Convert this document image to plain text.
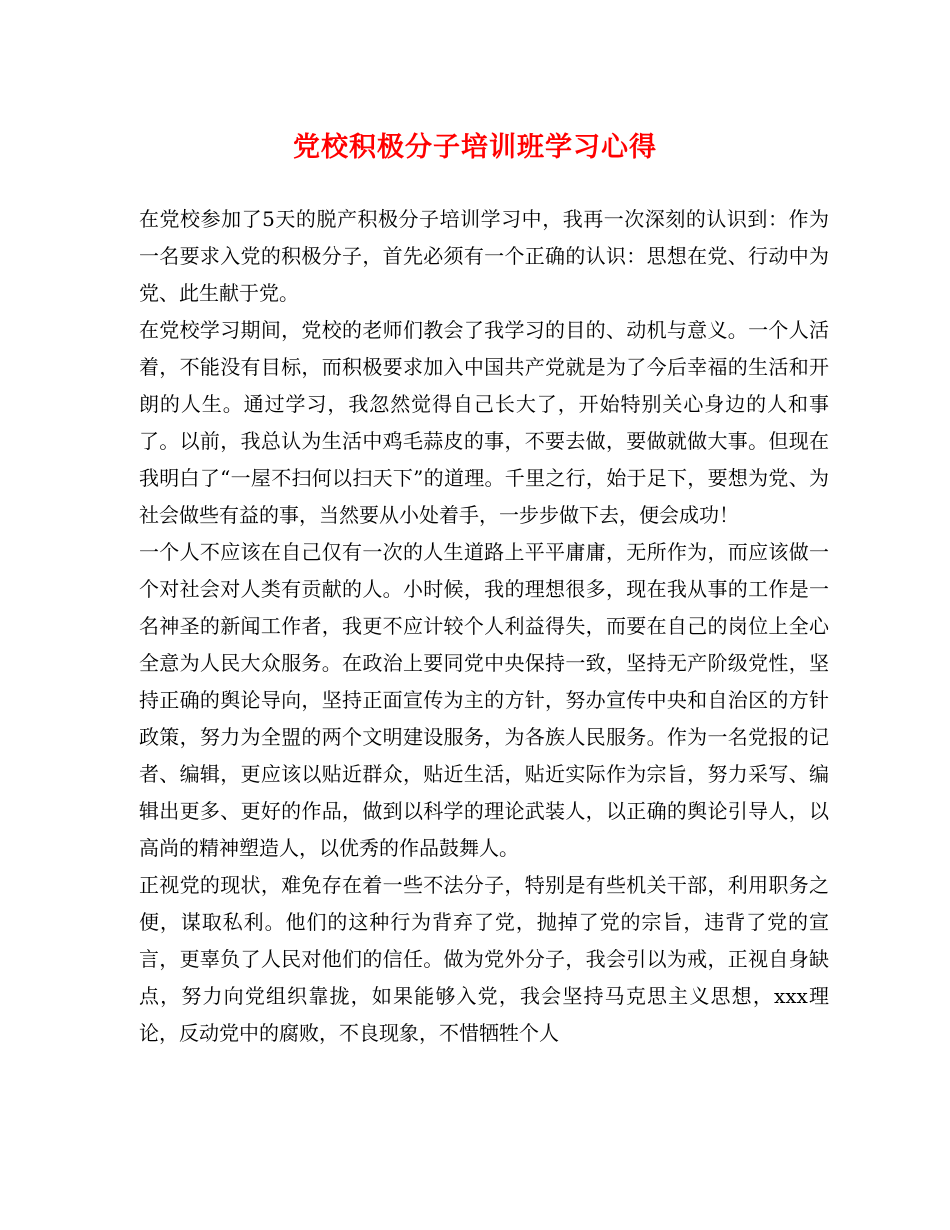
党校积极分子培训班学习心得

在党校参加了5天的脱产积极分子培训学习中，我再一次深刻的认识到：作为一名要求入党的积极分子，首先必须有一个正确的认识：思想在党、行动中为党、此生献于党。

在党校学习期间，党校的老师们教会了我学习的目的、动机与意义。一个人活着，不能没有目标，而积极要求加入中国共产党就是为了今后幸福的生活和开朗的人生。通过学习，我忽然觉得自己长大了，开始特别关心身边的人和事了。以前，我总认为生活中鸡毛蒜皮的事，不要去做，要做就做大事。但现在我明白了“一屋不扫何以扫天下”的道理。千里之行，始于足下，要想为党、为社会做些有益的事，当然要从小处着手，一步步做下去，便会成功！

一个人不应该在自己仅有一次的人生道路上平平庸庸，无所作为，而应该做一个对社会对人类有贡献的人。小时候，我的理想很多，现在我从事的工作是一名神圣的新闻工作者，我更不应计较个人利益得失，而要在自己的岗位上全心全意为人民大众服务。在政治上要同党中央保持一致，坚持无产阶级党性，坚持正确的舆论导向，坚持正面宣传为主的方针，努办宣传中央和自治区的方针政策，努力为全盟的两个文明建设服务，为各族人民服务。作为一名党报的记者、编辑，更应该以贴近群众，贴近生活，贴近实际作为宗旨，努力采写、编辑出更多、更好的作品，做到以科学的理论武装人，以正确的舆论引导人，以高尚的精神塑造人，以优秀的作品鼓舞人。

正视党的现状，难免存在着一些不法分子，特别是有些机关干部，利用职务之便，谋取私利。他们的这种行为背弃了党，抛掉了党的宗旨，违背了党的宣言，更辜负了人民对他们的信任。做为党外分子，我会引以为戒，正视自身缺点，努力向党组织靠拢，如果能够入党，我会坚持马克思主义思想，xxx理论，反动党中的腐败，不良现象，不惜牺牲个人
